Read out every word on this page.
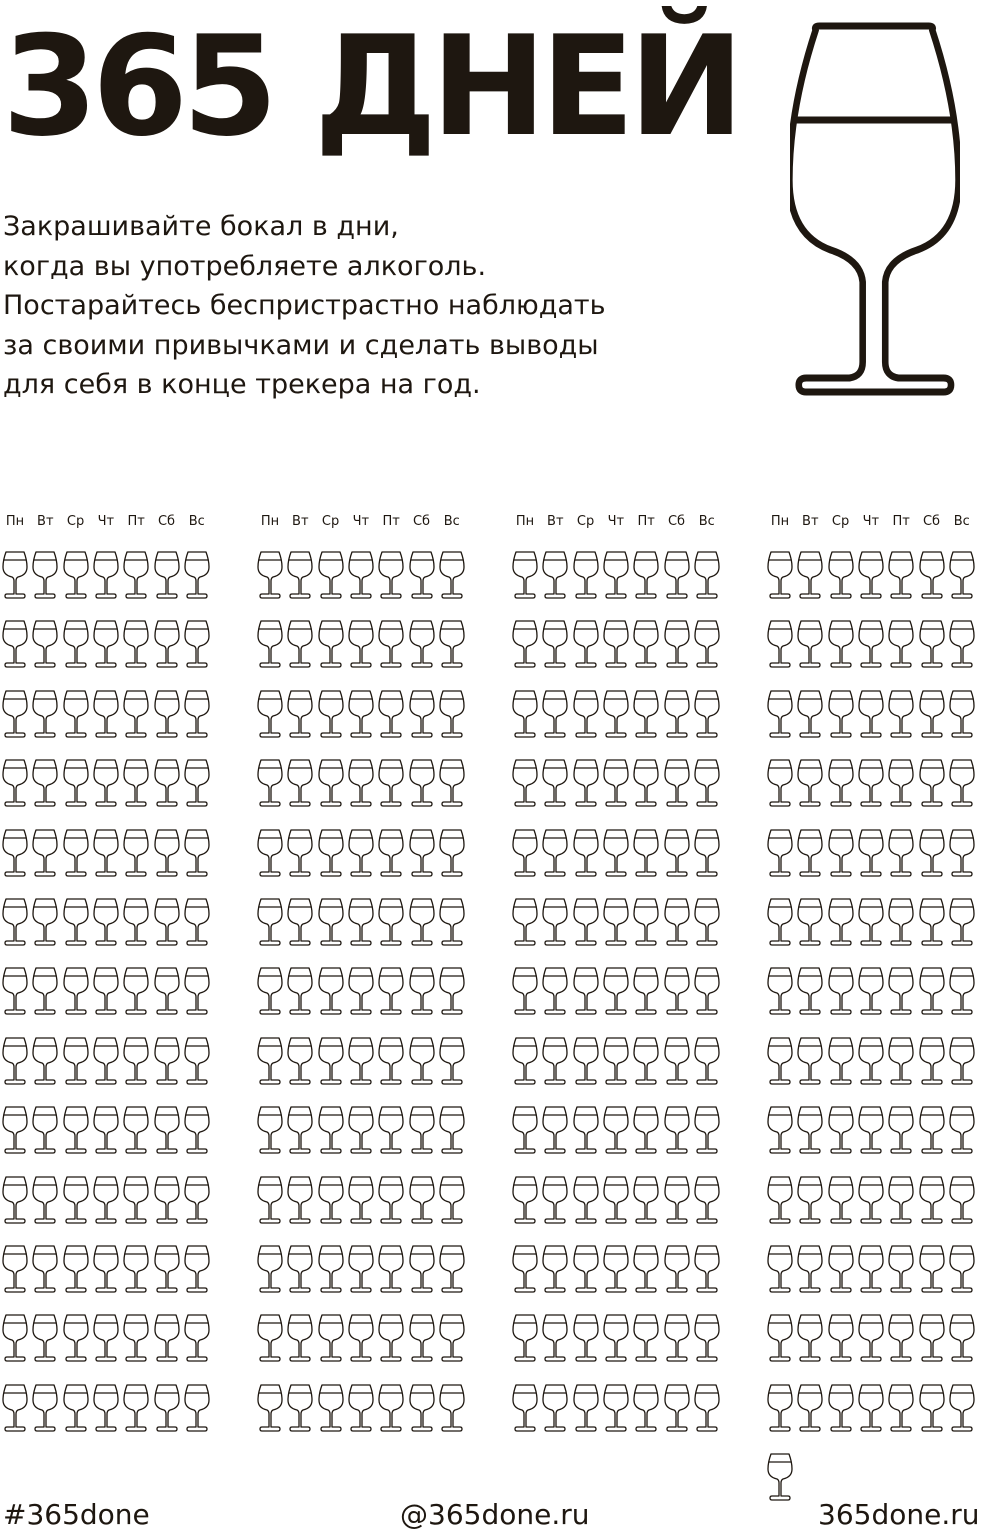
365 ДНЕЙ
Закрашивайте бокал в дни,
когда вы употребляете алкоголь.
Постарайтесь беспристрастно наблюдать
за своими привычками и сделать выводы
для себя в конце трекера на год.
Пн Вт	Ср	Чт	Пт	Сб	Вс	Пн Вт	Ср	Чт	Пт	Сб	Вс	Пн Вт	Ср	Чт	Пт	Сб	Вс	Пн Вт	Ср	Чт	Пт	Сб	Вс
#365done	@365done.ru	365done.ru
